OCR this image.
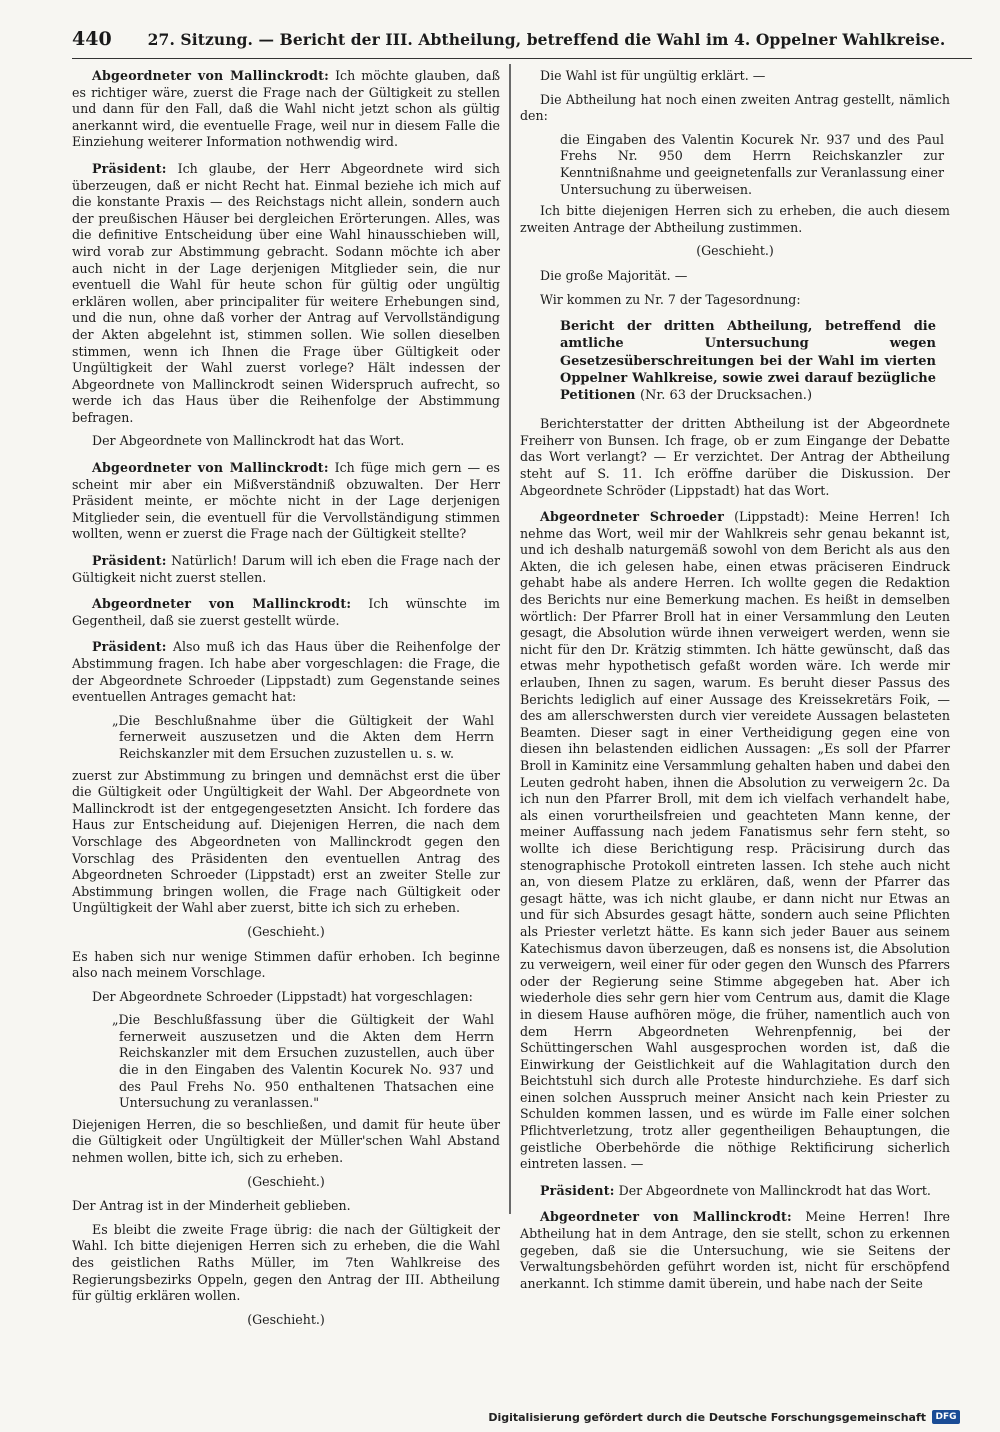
440 27. Sitzung. — Bericht der III. Abtheilung, betreffend die Wahl im 4. Oppelner Wahlkreise.

Abgeordneter von Mallinckrodt: Ich möchte glauben, daß es richtiger wäre, zuerst die Frage nach der Gültigkeit zu stellen und dann für den Fall, daß die Wahl nicht jetzt schon als gültig anerkannt wird, die eventuelle Frage, weil nur in diesem Falle die Einziehung weiterer Information nothwendig wird.

Präsident: Ich glaube, der Herr Abgeordnete wird sich überzeugen, daß er nicht Recht hat. Einmal beziehe ich mich auf die konstante Praxis — des Reichstags nicht allein, sondern auch der preußischen Häuser bei dergleichen Erörterungen. Alles, was die definitive Entscheidung über eine Wahl hinausschieben will, wird vorab zur Abstimmung gebracht. Sodann möchte ich aber auch nicht in der Lage derjenigen Mitglieder sein, die nur eventuell die Wahl für heute schon für gültig oder ungültig erklären wollen, aber principaliter für weitere Erhebungen sind, und die nun, ohne daß vorher der Antrag auf Vervollständigung der Akten abgelehnt ist, stimmen sollen. Wie sollen dieselben stimmen, wenn ich Ihnen die Frage über Gültigkeit oder Ungültigkeit der Wahl zuerst vorlege? Hält indessen der Abgeordnete von Mallinckrodt seinen Widerspruch aufrecht, so werde ich das Haus über die Reihenfolge der Abstimmung befragen.

Der Abgeordnete von Mallinckrodt hat das Wort.

Abgeordneter von Mallinckrodt: Ich füge mich gern — es scheint mir aber ein Mißverständniß obzuwalten. Der Herr Präsident meinte, er möchte nicht in der Lage derjenigen Mitglieder sein, die eventuell für die Vervollständigung stimmen wollten, wenn er zuerst die Frage nach der Gültigkeit stellte?

Präsident: Natürlich! Darum will ich eben die Frage nach der Gültigkeit nicht zuerst stellen.

Abgeordneter von Mallinckrodt: Ich wünschte im Gegentheil, daß sie zuerst gestellt würde.

Präsident: Also muß ich das Haus über die Reihenfolge der Abstimmung fragen. Ich habe aber vorgeschlagen: die Frage, die der Abgeordnete Schroeder (Lippstadt) zum Gegenstande seines eventuellen Antrages gemacht hat:

„Die Beschlußnahme über die Gültigkeit der Wahl fernerweit auszusetzen und die Akten dem Herrn Reichskanzler mit dem Ersuchen zuzustellen u. s. w.

zuerst zur Abstimmung zu bringen und demnächst erst die über die Gültigkeit oder Ungültigkeit der Wahl. Der Abgeordnete von Mallinckrodt ist der entgegengesetzten Ansicht. Ich fordere das Haus zur Entscheidung auf. Diejenigen Herren, die nach dem Vorschlage des Abgeordneten von Mallinckrodt gegen den Vorschlag des Präsidenten den eventuellen Antrag des Abgeordneten Schroeder (Lippstadt) erst an zweiter Stelle zur Abstimmung bringen wollen, die Frage nach Gültigkeit oder Ungültigkeit der Wahl aber zuerst, bitte ich sich zu erheben.

(Geschieht.)

Es haben sich nur wenige Stimmen dafür erhoben. Ich beginne also nach meinem Vorschlage.

Der Abgeordnete Schroeder (Lippstadt) hat vorgeschlagen:

„Die Beschlußfassung über die Gültigkeit der Wahl fernerweit auszusetzen und die Akten dem Herrn Reichskanzler mit dem Ersuchen zuzustellen, auch über die in den Eingaben des Valentin Kocurek No. 937 und des Paul Frehs No. 950 enthaltenen Thatsachen eine Untersuchung zu veranlassen."

Diejenigen Herren, die so beschließen, und damit für heute über die Gültigkeit oder Ungültigkeit der Müller'schen Wahl Abstand nehmen wollen, bitte ich, sich zu erheben.

(Geschieht.)

Der Antrag ist in der Minderheit geblieben.

Es bleibt die zweite Frage übrig: die nach der Gültigkeit der Wahl. Ich bitte diejenigen Herren sich zu erheben, die die Wahl des geistlichen Raths Müller, im 7ten Wahlkreise des Regierungsbezirks Oppeln, gegen den Antrag der III. Abtheilung für gültig erklären wollen.

(Geschieht.)

Die Wahl ist für ungültig erklärt. —

Die Abtheilung hat noch einen zweiten Antrag gestellt, nämlich den:

die Eingaben des Valentin Kocurek Nr. 937 und des Paul Frehs Nr. 950 dem Herrn Reichskanzler zur Kenntnißnahme und geeignetenfalls zur Veranlassung einer Untersuchung zu überweisen.

Ich bitte diejenigen Herren sich zu erheben, die auch diesem zweiten Antrage der Abtheilung zustimmen.

(Geschieht.)

Die große Majorität. —

Wir kommen zu Nr. 7 der Tagesordnung:

Bericht der dritten Abtheilung, betreffend die amtliche Untersuchung wegen Gesetzesüberschreitungen bei der Wahl im vierten Oppelner Wahlkreise, sowie zwei darauf bezügliche Petitionen (Nr. 63 der Drucksachen.)

Berichterstatter der dritten Abtheilung ist der Abgeordnete Freiherr von Bunsen. Ich frage, ob er zum Eingange der Debatte das Wort verlangt? — Er verzichtet. Der Antrag der Abtheilung steht auf S. 11. Ich eröffne darüber die Diskussion. Der Abgeordnete Schröder (Lippstadt) hat das Wort.

Abgeordneter Schroeder (Lippstadt): Meine Herren! Ich nehme das Wort, weil mir der Wahlkreis sehr genau bekannt ist, und ich deshalb naturgemäß sowohl von dem Bericht als aus den Akten, die ich gelesen habe, einen etwas präciseren Eindruck gehabt habe als andere Herren. Ich wollte gegen die Redaktion des Berichts nur eine Bemerkung machen. Es heißt in demselben wörtlich: Der Pfarrer Broll hat in einer Versammlung den Leuten gesagt, die Absolution würde ihnen verweigert werden, wenn sie nicht für den Dr. Krätzig stimmten. Ich hätte gewünscht, daß das etwas mehr hypothetisch gefaßt worden wäre. Ich werde mir erlauben, Ihnen zu sagen, warum. Es beruht dieser Passus des Berichts lediglich auf einer Aussage des Kreissekretärs Foik, — des am allerschwersten durch vier vereidete Aussagen belasteten Beamten. Dieser sagt in einer Vertheidigung gegen eine von diesen ihn belastenden eidlichen Aussagen: „Es soll der Pfarrer Broll in Kaminitz eine Versammlung gehalten haben und dabei den Leuten gedroht haben, ihnen die Absolution zu verweigern 2c. Da ich nun den Pfarrer Broll, mit dem ich vielfach verhandelt habe, als einen vorurtheilsfreien und geachteten Mann kenne, der meiner Auffassung nach jedem Fanatismus sehr fern steht, so wollte ich diese Berichtigung resp. Präcisirung durch das stenographische Protokoll eintreten lassen. Ich stehe auch nicht an, von diesem Platze zu erklären, daß, wenn der Pfarrer das gesagt hätte, was ich nicht glaube, er dann nicht nur Etwas an und für sich Absurdes gesagt hätte, sondern auch seine Pflichten als Priester verletzt hätte. Es kann sich jeder Bauer aus seinem Katechismus davon überzeugen, daß es nonsens ist, die Absolution zu verweigern, weil einer für oder gegen den Wunsch des Pfarrers oder der Regierung seine Stimme abgegeben hat. Aber ich wiederhole dies sehr gern hier vom Centrum aus, damit die Klage in diesem Hause aufhören möge, die früher, namentlich auch von dem Herrn Abgeordneten Wehrenpfennig, bei der Schüttingerschen Wahl ausgesprochen worden ist, daß die Einwirkung der Geistlichkeit auf die Wahlagitation durch den Beichtstuhl sich durch alle Proteste hindurchziehe. Es darf sich einen solchen Ausspruch meiner Ansicht nach kein Priester zu Schulden kommen lassen, und es würde im Falle einer solchen Pflichtverletzung, trotz aller gegentheiligen Behauptungen, die geistliche Oberbehörde die nöthige Rektificirung sicherlich eintreten lassen. —

Präsident: Der Abgeordnete von Mallinckrodt hat das Wort.

Abgeordneter von Mallinckrodt: Meine Herren! Ihre Abtheilung hat in dem Antrage, den sie stellt, schon zu erkennen gegeben, daß sie die Untersuchung, wie sie Seitens der Verwaltungsbehörden geführt worden ist, nicht für erschöpfend anerkannt. Ich stimme damit überein, und habe nach der Seite

Digitalisierung gefördert durch die Deutsche Forschungsgemeinschaft	DFG
